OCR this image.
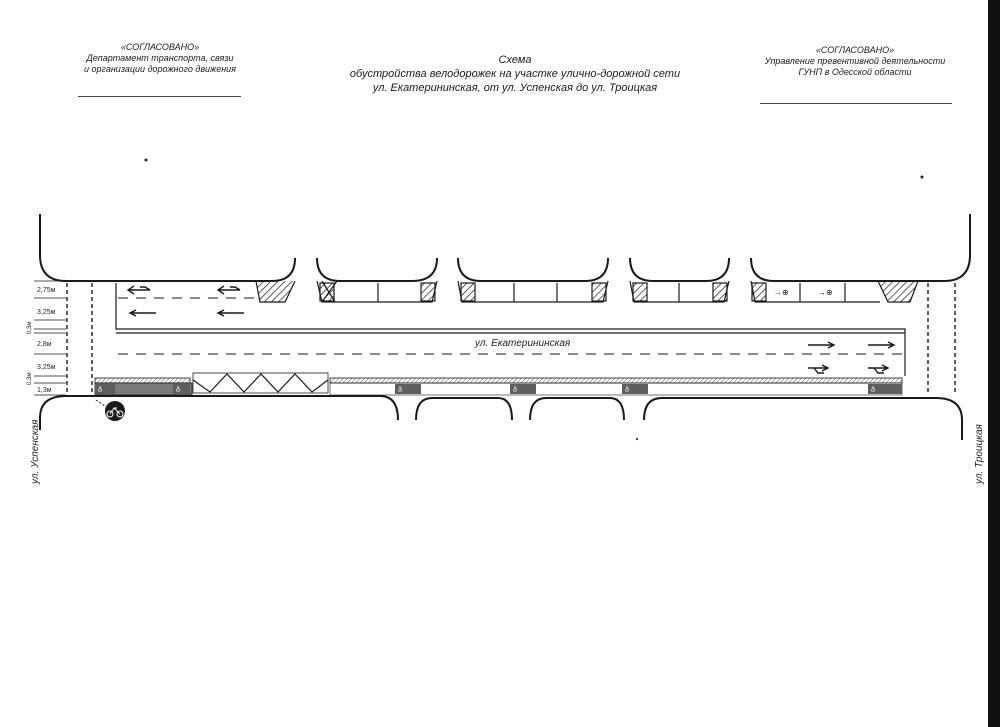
«СОГЛАСОВАНО»
Департамент транспорта, связи
и организации дорожного движения
Схема
обустройства велодорожек на участке улично-дорожной сети
ул. Екатерининская, от ул. Успенская до ул. Троицкая
«СОГЛАСОВАНО»
Управление превентивной деятельности
ГУНП в Одесской области
→⊕	→⊕
ð	ð	ð	ð	ð	ð
2,75м
3,25м
0,3м
2,8м
3,25м
0,3м
1,3м
ул. Екатерининская
ул. Успенская	ул. Троицкая
